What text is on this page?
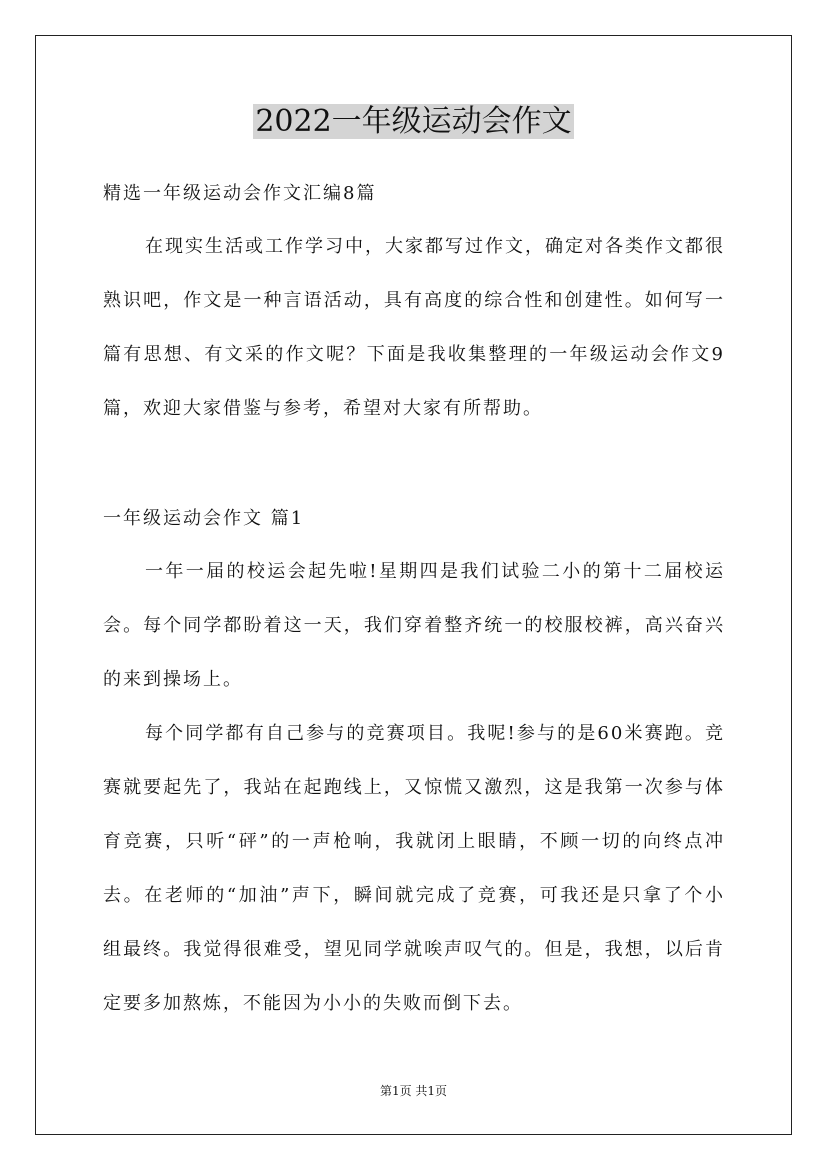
2022一年级运动会作文

精选一年级运动会作文汇编8篇

在现实生活或工作学习中，大家都写过作文，确定对各类作文都很熟识吧，作文是一种言语活动，具有高度的综合性和创建性。如何写一篇有思想、有文采的作文呢？下面是我收集整理的一年级运动会作文9篇，欢迎大家借鉴与参考，希望对大家有所帮助。

一年级运动会作文 篇1

一年一届的校运会起先啦!星期四是我们试验二小的第十二届校运会。每个同学都盼着这一天，我们穿着整齐统一的校服校裤，高兴奋兴的来到操场上。

每个同学都有自己参与的竞赛项目。我呢!参与的是60米赛跑。竞赛就要起先了，我站在起跑线上，又惊慌又激烈，这是我第一次参与体育竞赛，只听“砰”的一声枪响，我就闭上眼睛，不顾一切的向终点冲去。在老师的“加油”声下，瞬间就完成了竞赛，可我还是只拿了个小组最终。我觉得很难受，望见同学就唉声叹气的。但是，我想，以后肯定要多加熬炼，不能因为小小的失败而倒下去。

第1页 共1页
